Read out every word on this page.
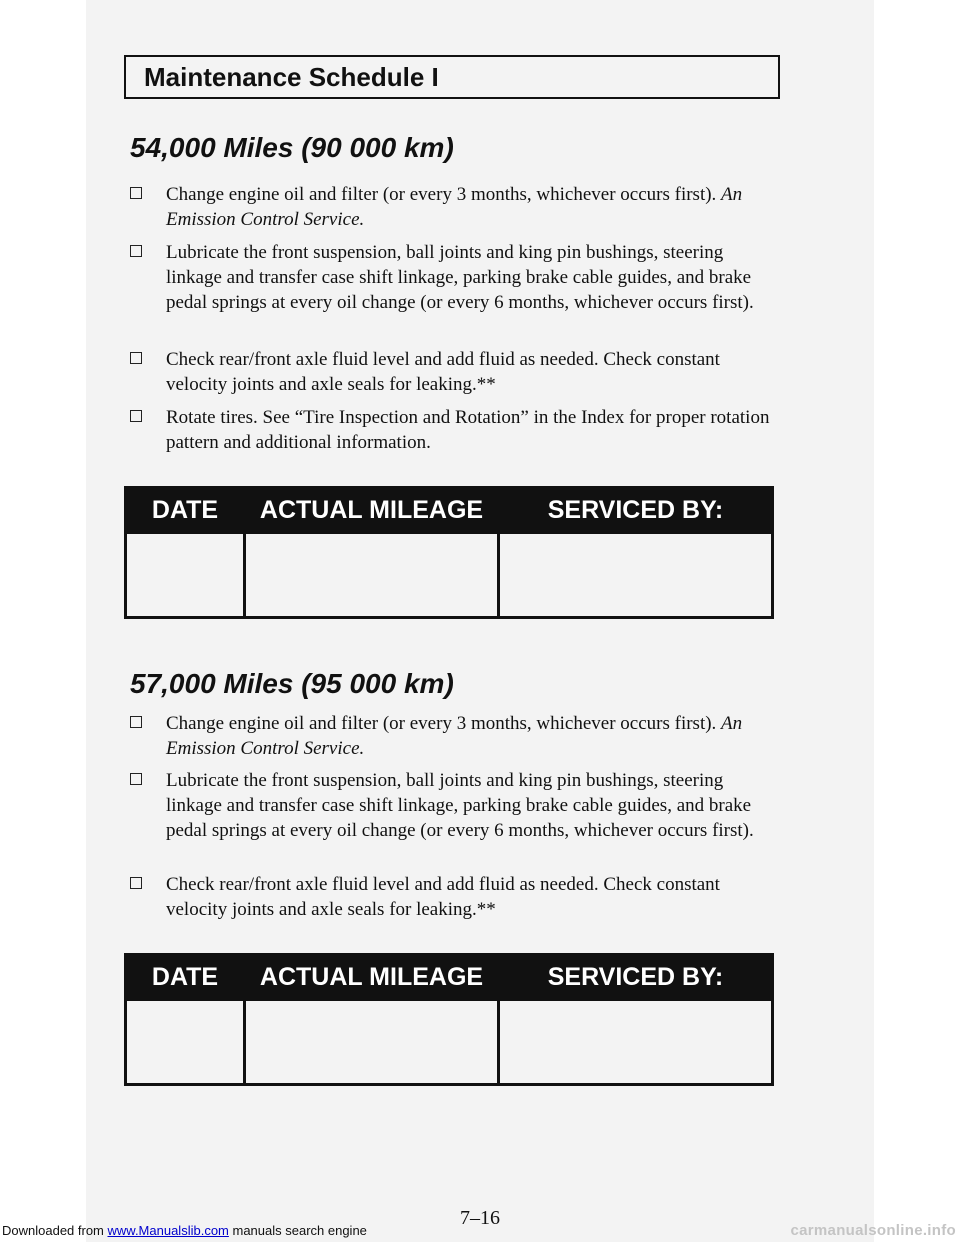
Maintenance Schedule I
54,000 Miles (90 000 km)
Change engine oil and filter (or every 3 months, whichever occurs first). An Emission Control Service.
Lubricate the front suspension, ball joints and king pin bushings, steering linkage and transfer case shift linkage, parking brake cable guides, and brake pedal springs at every oil change (or every 6 months, whichever occurs first).
Check rear/front axle fluid level and add fluid as needed. Check constant velocity joints and axle seals for leaking.**
Rotate tires. See “Tire Inspection and Rotation” in the Index for proper rotation pattern and additional information.
DATE	ACTUAL MILEAGE	SERVICED BY:

57,000 Miles (95 000 km)
Change engine oil and filter (or every 3 months, whichever occurs first). An Emission Control Service.
Lubricate the front suspension, ball joints and king pin bushings, steering linkage and transfer case shift linkage, parking brake cable guides, and brake pedal springs at every oil change (or every 6 months, whichever occurs first).
Check rear/front axle fluid level and add fluid as needed. Check constant velocity joints and axle seals for leaking.**
DATE	ACTUAL MILEAGE	SERVICED BY:

7–16
Downloaded from www.Manualslib.com manuals search engine	carmanualsonline.info
